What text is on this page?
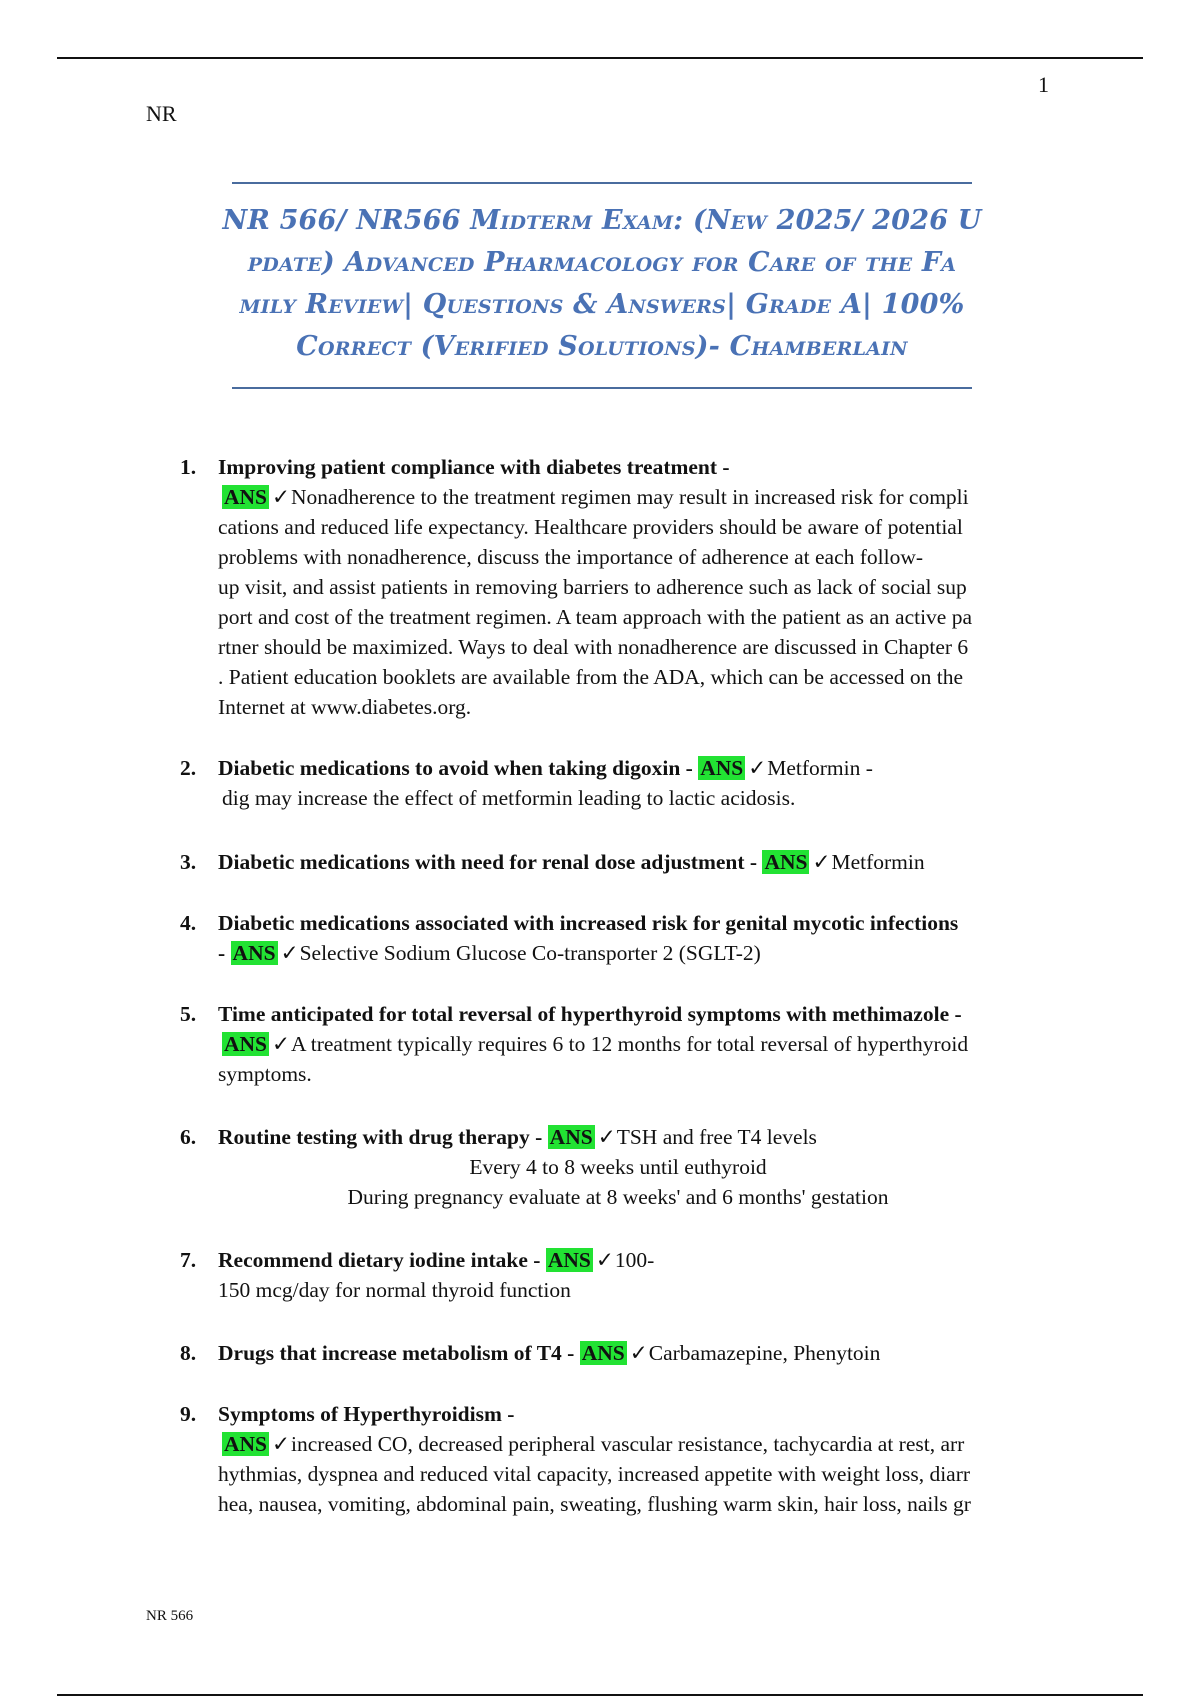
1
NR
NR 566/ NR566 Midterm Exam: (New 2025/ 2026 U
pdate) Advanced Pharmacology for Care of the Fa
mily Review| Questions & Answers| Grade A| 100%
Correct (Verified Solutions)- Chamberlain
1. Improving patient compliance with diabetes treatment -
ANS ✓Nonadherence to the treatment regimen may result in increased risk for compli
cations and reduced life expectancy. Healthcare providers should be aware of potential
problems with nonadherence, discuss the importance of adherence at each follow-
up visit, and assist patients in removing barriers to adherence such as lack of social sup
port and cost of the treatment regimen. A team approach with the patient as an active pa
rtner should be maximized. Ways to deal with nonadherence are discussed in Chapter 6
. Patient education booklets are available from the ADA, which can be accessed on the
Internet at www.diabetes.org.
2. Diabetic medications to avoid when taking digoxin - ANS ✓Metformin -
dig may increase the effect of metformin leading to lactic acidosis.
3. Diabetic medications with need for renal dose adjustment - ANS ✓Metformin
4. Diabetic medications associated with increased risk for genital mycotic infections
- ANS ✓Selective Sodium Glucose Co-transporter 2 (SGLT-2)
5. Time anticipated for total reversal of hyperthyroid symptoms with methimazole -
ANS ✓A treatment typically requires 6 to 12 months for total reversal of hyperthyroid
symptoms.
6. Routine testing with drug therapy - ANS ✓TSH and free T4 levels
Every 4 to 8 weeks until euthyroid
During pregnancy evaluate at 8 weeks' and 6 months' gestation
7. Recommend dietary iodine intake - ANS ✓100-
150 mcg/day for normal thyroid function
8. Drugs that increase metabolism of T4 - ANS ✓Carbamazepine, Phenytoin
9. Symptoms of Hyperthyroidism -
ANS ✓increased CO, decreased peripheral vascular resistance, tachycardia at rest, arr
hythmias, dyspnea and reduced vital capacity, increased appetite with weight loss, diarr
hea, nausea, vomiting, abdominal pain, sweating, flushing warm skin, hair loss, nails gr
NR 566
